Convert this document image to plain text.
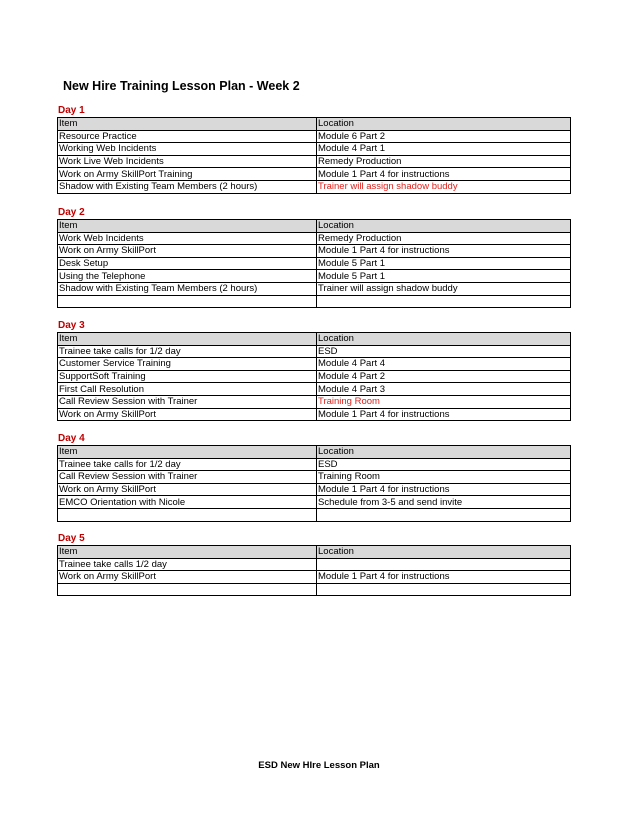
New Hire Training Lesson Plan - Week 2
Day 1
Item	Location
Resource Practice	Module 6 Part 2
Working Web Incidents	Module 4 Part 1
Work Live Web Incidents	Remedy Production
Work on Army SkillPort Training	Module 1 Part 4 for instructions
Shadow with Existing Team Members (2 hours)	Trainer will assign shadow buddy
Day 2
Item	Location
Work Web Incidents	Remedy Production
Work on Army SkillPort	Module 1 Part 4 for instructions
Desk Setup	Module 5 Part 1
Using the Telephone	Module 5 Part 1
Shadow with Existing Team Members (2 hours)	Trainer will assign shadow buddy

Day 3
Item	Location
Trainee take calls for 1/2 day	ESD
Customer Service Training	Module 4 Part 4
SupportSoft Training	Module 4 Part 2
First Call Resolution	Module 4 Part 3
Call Review Session with Trainer	Training Room
Work on Army SkillPort	Module 1 Part 4 for instructions
Day 4
Item	Location
Trainee take calls for 1/2 day	ESD
Call Review Session with Trainer	Training Room
Work on Army SkillPort	Module 1 Part 4 for instructions
EMCO Orientation with Nicole	Schedule from 3-5 and send invite

Day 5
Item	Location
Trainee take calls 1/2 day	
Work on Army SkillPort	Module 1 Part 4 for instructions

ESD New HIre Lesson Plan
